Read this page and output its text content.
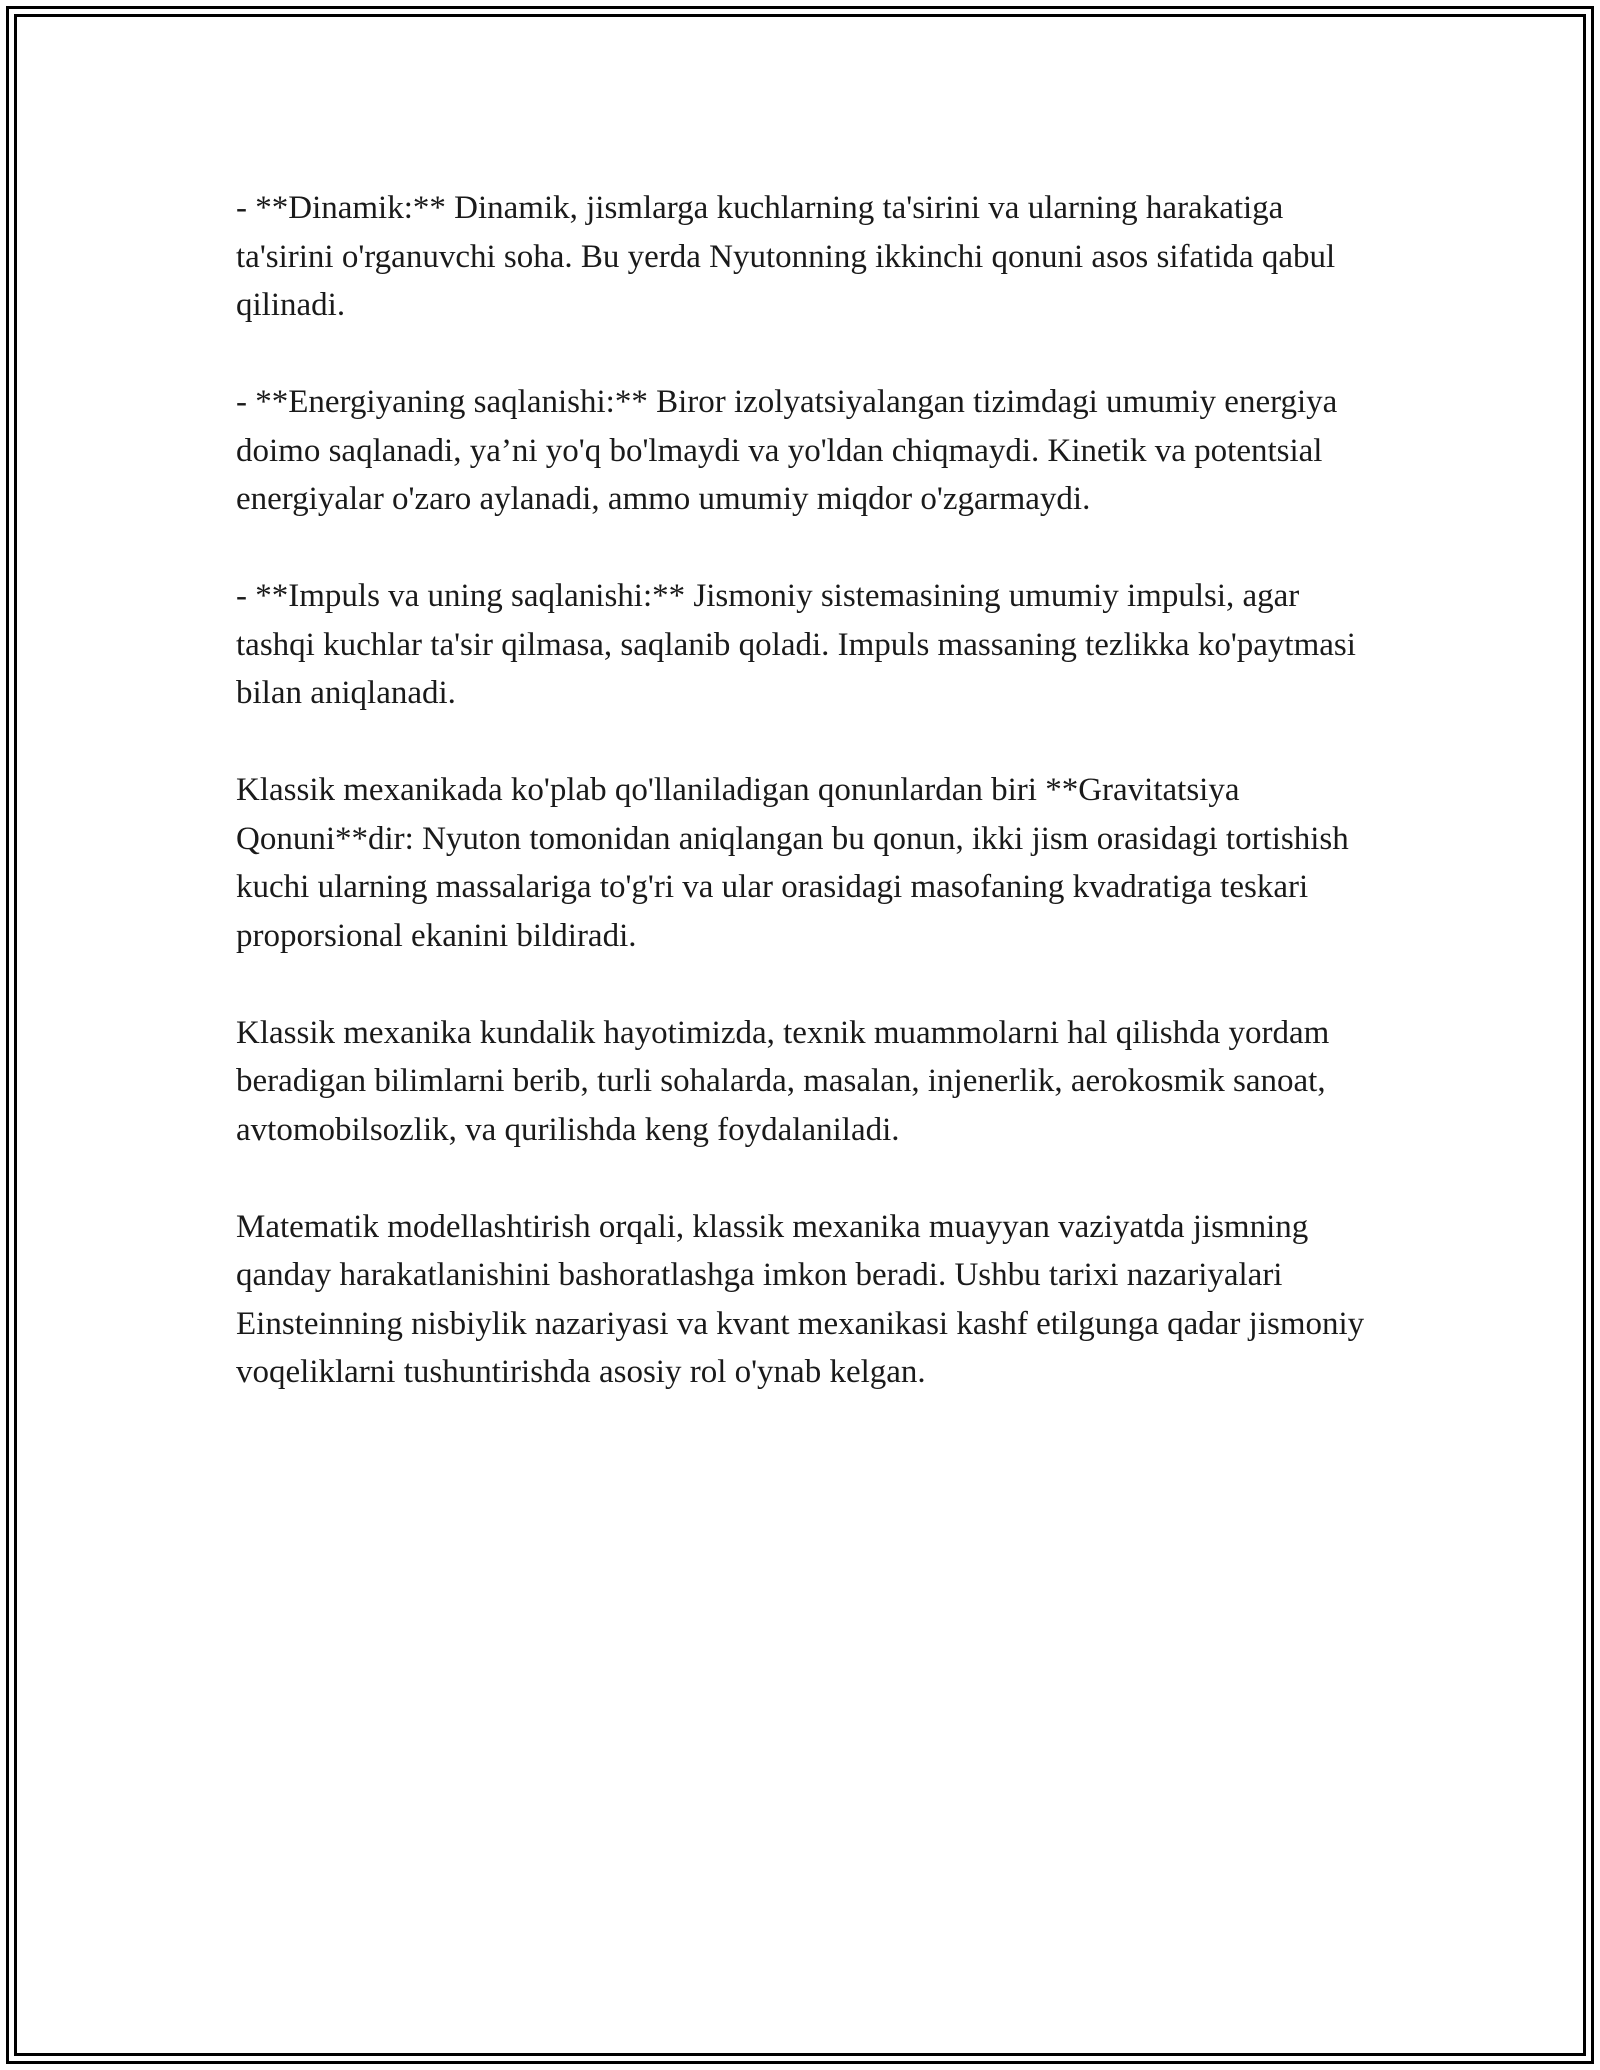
- **Dinamik:** Dinamik, jismlarga kuchlarning ta'sirini va ularning harakatiga ta'sirini o'rganuvchi soha. Bu yerda Nyutonning ikkinchi qonuni asos sifatida qabul qilinadi.

- **Energiyaning saqlanishi:** Biror izolyatsiyalangan tizimdagi umumiy energiya doimo saqlanadi, ya’ni yo'q bo'lmaydi va yo'ldan chiqmaydi. Kinetik va potentsial energiyalar o'zaro aylanadi, ammo umumiy miqdor o'zgarmaydi.

- **Impuls va uning saqlanishi:** Jismoniy sistemasining umumiy impulsi, agar tashqi kuchlar ta'sir qilmasa, saqlanib qoladi. Impuls massaning tezlikka ko'paytmasi bilan aniqlanadi.

Klassik mexanikada ko'plab qo'llaniladigan qonunlardan biri **Gravitatsiya Qonuni**dir: Nyuton tomonidan aniqlangan bu qonun, ikki jism orasidagi tortishish kuchi ularning massalariga to'g'ri va ular orasidagi masofaning kvadratiga teskari proporsional ekanini bildiradi.

Klassik mexanika kundalik hayotimizda, texnik muammolarni hal qilishda yordam beradigan bilimlarni berib, turli sohalarda, masalan, injenerlik, aerokosmik sanoat, avtomobilsozlik, va qurilishda keng foydalaniladi.

Matematik modellashtirish orqali, klassik mexanika muayyan vaziyatda jismning qanday harakatlanishini bashoratlashga imkon beradi. Ushbu tarixi nazariyalari Einsteinning nisbiylik nazariyasi va kvant mexanikasi kashf etilgunga qadar jismoniy voqeliklarni tushuntirishda asosiy rol o'ynab kelgan.
